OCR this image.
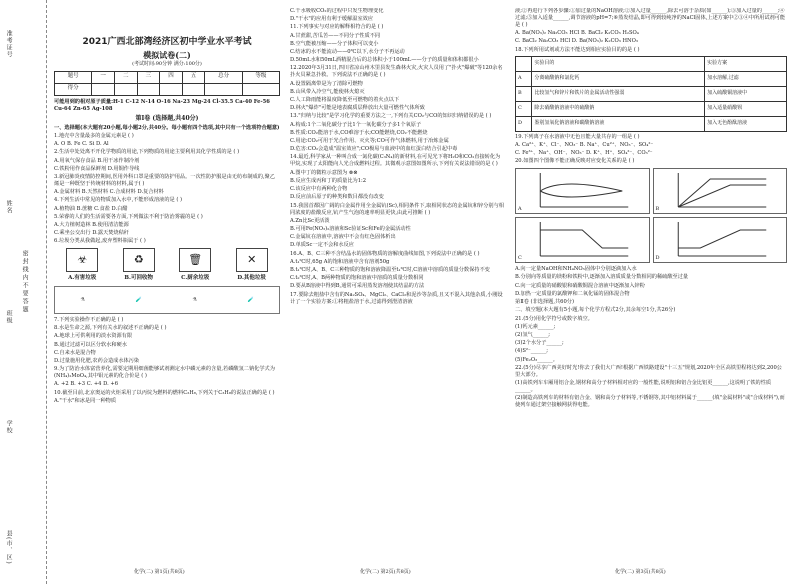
准考证号
姓名
班级
学校
县(市、区)
密封线内不要答题
2021广西北部湾经济区初中学业水平考试
模拟试卷(二)
(考试时间:90分钟 满分:100分)
题号	一	二	三	四	五	总分	等级
得分							
可能用到的相对原子质量:H-1 C-12 N-14 O-16 Na-23 Mg-24 Cl-35.5 Ca-40 Fe-56 Cu-64 Zn-65 Ag-108
第Ⅰ卷 (选择题,共40分)
一、选择题(本大题有20小题,每小题2分,共40分。每小题有四个选项,其中只有一个选项符合题意)
1.地壳中含量最多的金属元素是 ( )
A. O B. Fe C. Si D. Al
2.生活中处处离不开化学物质的用途,下列物质的用途主要利用其化学性质的是 ( )
A.用氧气保存食品 B.用干冰作制冷剂
C.铁粉用作食品保鲜剂 D.用铜作导线
3.新冠肺炎疫情防控期间,医用外科口罩是重要的防护用品。一次性防护服是由无纺布制成的,聚乙烯是一种既坚于传统材料的材料,属于( )
A.金属材料 B.天然材料 C.合成材料 D.复合材料
4.下列生活中常见的物质加入水中,不能形成溶液的是 ( )
A.植物油 B.蔗糖 C.食盐 D.白醋
5.荣睿的人们的生活需要各方面,下列做法不利于防治雾霾的是 ( )
A.大力植树造林 B.使用清洁能源
C.乘坐公交出行 D.露天焚烧秸秆
6.垃圾分类从我做起,废弃塑料瓶属于 ( )
☣	♻	🗑	✕
A.有害垃圾	B.可回收物	C.厨余垃圾	D.其他垃圾
⚗	🧪	⚗	🧪
7.下列实验操作不正确的是 ( )
8.水是生命之源,下列有关水的叙述不正确的是 ( )
A.地球上可供利用的淡水资源有限
B.通过过滤可以区分软水和硬水
C.自来水是混合物
D.过量施用化肥,农药会造成水体污染
9.为了防治水体富营养化,需要定期用细菌能够试剂测定水中磷元素的含量,若磷酸氢二钠化学式为(NH₄)₂MoO₄,其中钼元素的化合价是 ( )
A. +2 B. +3 C. +4 D. +6
10.截至目前,北京奥运的火炬采用了以丙烷为燃料的燃料C₃H₈,下列关于C₃H₈的说法正确的是 ( )
A."干水"和冰是同一种物质
化学(二) 第1页(共8页)
C.干水吸收CO₂的过程中只发生物理变化
D."干水"的应用有利于缓解温室效应
11.下列事实与对应的解释相符合的是 ( )
A.甘蔗甜,苦瓜苦——不同分子性质不同
B.空气能被压缩——分子体积可以变小
C.结冰的水不能流动——0℃以下,水分子不再运动
D.50mL水和50mL酒精混合后的总体积小于100mL——分子的质量和体积都很小
12.2020年3月31日,四川省凉山州木里县发生森林火灾,火灾人员用了"扑火"爆破"等120余名扑火员紧急扑救。下列说法不正确的是 ( )
A.设置隔离带是为了清除可燃物
B.山风带入冷空气,能使林火熄灭
C.人工降雨能将温度降低至可燃物的着火点以下
D.林火"爆炸"可能是地表腐质层释放出大量可燃性气体所致
13."归纳与比较"是学习化学的重要方法之一,下列有关CO₂与CO的知识归纳错误的是 ( )
A.构成:1个二氧化碳分子比1个一氧化碳分子多1个氧原子
B.性质:CO₂能溶于水,CO难溶于水;CO能燃烧,CO₂不能燃烧
C.用途:CO₂可用于光合作用、灭火等;CO可作气体燃料,用于冶炼金属
D.危害:CO₂会造成"温室效应";CO极易与血液中的血红蛋白结合引起中毒
14.最近,科学家从一种叫合成一氮化碳(C₃N₄)的新材料,在可见光下将H₂O和CO₂直接转化为甲烷,实现了太阳能向人光合成燃料过程。其微观示意图如图所示,下列有关说法错误的是 ( )
A.图中丁的微粒示意图为 ⊗⊗
B.反应生成丙和丁的质量比为1:2
C.该反应中有两种化合物
D.反应前后原子的种类和数目都没有改变
15.我国首都因广阔的白金属作用全金属钪(Sc),相同条件下,取相同状态的金属钪和锌分别与相同浓度的盐酸反应,钪产生气泡的速率明显更快,由此可推断 ( )
A.Zn比Sc更活泼
B.可用Fe(NO₃)₂溶液和Sc验证Sc和Fe的金属活动性
C.金属钪在溶液中,溶液中不会有红色固体析出
D.单质Sc一定不会和水反应
16.A、B、C三种不含结晶水的固体物质的溶解度曲线如图,下列说法中正确的是 ( )
A.t₁℃时,65g A的饱和溶液中含有溶剂50g
B.t₁℃时,A、B、C三种物质的饱和溶液降温至t₁℃时,C溶液中溶质的质量分数保持不变
C.t₂℃时,A、B两种物质的饱和溶液中溶质的质量分数相同
D.要从B溶液中得到B,通常可采用蒸发溶剂使其结晶的方法
17.要除去粗盐中含有的Na₂SO₄、MgCl₂、CaCl₂和泥沙等杂质,且又不混入其他杂质,小刚设计了一个实验方案:①将粗盐溶于水,过滤得到澄清溶液
化学(二) 第2页(共8页)
液;②再进行下列各步骤:①加过量的NaOH溶液;②加入过量______,除去可溶于杂质(如______);③加入过量的______;④过滤;⑤加入适量______,调节溶液的pH=7;⑥蒸发结晶,即可得到较纯净的NaCl固体,上述方案中②③④中所用试剂可能是 ( )
A. Ba(NO₃)₂ Na₂CO₃ HCl B. BaCl₂ K₂CO₃ H₂SO₄
C. BaCl₂ Na₂CO₃ HCl D. Ba(NO₃)₂ K₂CO₃ HNO₃
18.下列所用试剂或方法不能达到相应实验目的的是 ( )
	实验目的	实验方案
A	分离硫酸钠和氯化钙	加水溶解,过滤
B	比较氢气和锌片和铁片的金属活动性强弱	加入硫酸铜溶液中
C	除去硝酸钠溶液中的硫酸钠	加入适量硝酸钡
D	鉴别氢氧化钠溶液和碳酸钠溶液	加入无色酚酞溶液
19.下列离子在水溶液中无色且能大量共存的一组是 ( )
A. Ca²⁺、K⁺、Cl⁻、NO₃⁻ B. Na⁺、Cu²⁺、NO₃⁻、SO₄²⁻
C. Fe³⁺、Na⁺、OH⁻、NO₃⁻ D. K⁺、H⁺、SO₄²⁻、CO₃²⁻
20.如图四个图像不能正确反映对应变化关系的是 ( )
A	B
C	D
A.向一定量NaOH和NH₄NO₃固体中分别逐滴加入水
B.分别向等质量的镁粉和铁粉中,逐渐加入溶质质量分数相同的稀硫酸至过量
C.向一定质量的硝酸银和硝酸铜混合溶液中逐渐加入锌粉
D.加热一定质量的氯酸钾和二氧化锰的固体混合物
第Ⅱ卷 (非选择题,共60分)
二、填空题(本大题有5小题,每个化学方程式2分,其余每空1分,共26分)
21.(5分)用化学符号或数字填空。
(1)钙元素______;
(2)氢气______;
(3)2个水分子______;
(4)S²⁻______;
(5)Fe₂O₃______。
22.(5分)尽享广西美好时光!你去了我们大广西!根据广西铁路建设"十三五"规划,2020年全区高铁里程将达到2,200公里大部分。
(1)高铁列车车厢用铝合金,钢材和高分子材料相对应的一般性能,说明铝和铝合金比铝更______,这说明了铁的性质______。
(2)制造高铁列车的材料有铝合金、钢和高分子材料等,不锈钢等,其中铝材料属于______(填"金属材料"或"合成材料"),而使列车通过架空接触网获得电能。
化学(二) 第3页(共8页)
